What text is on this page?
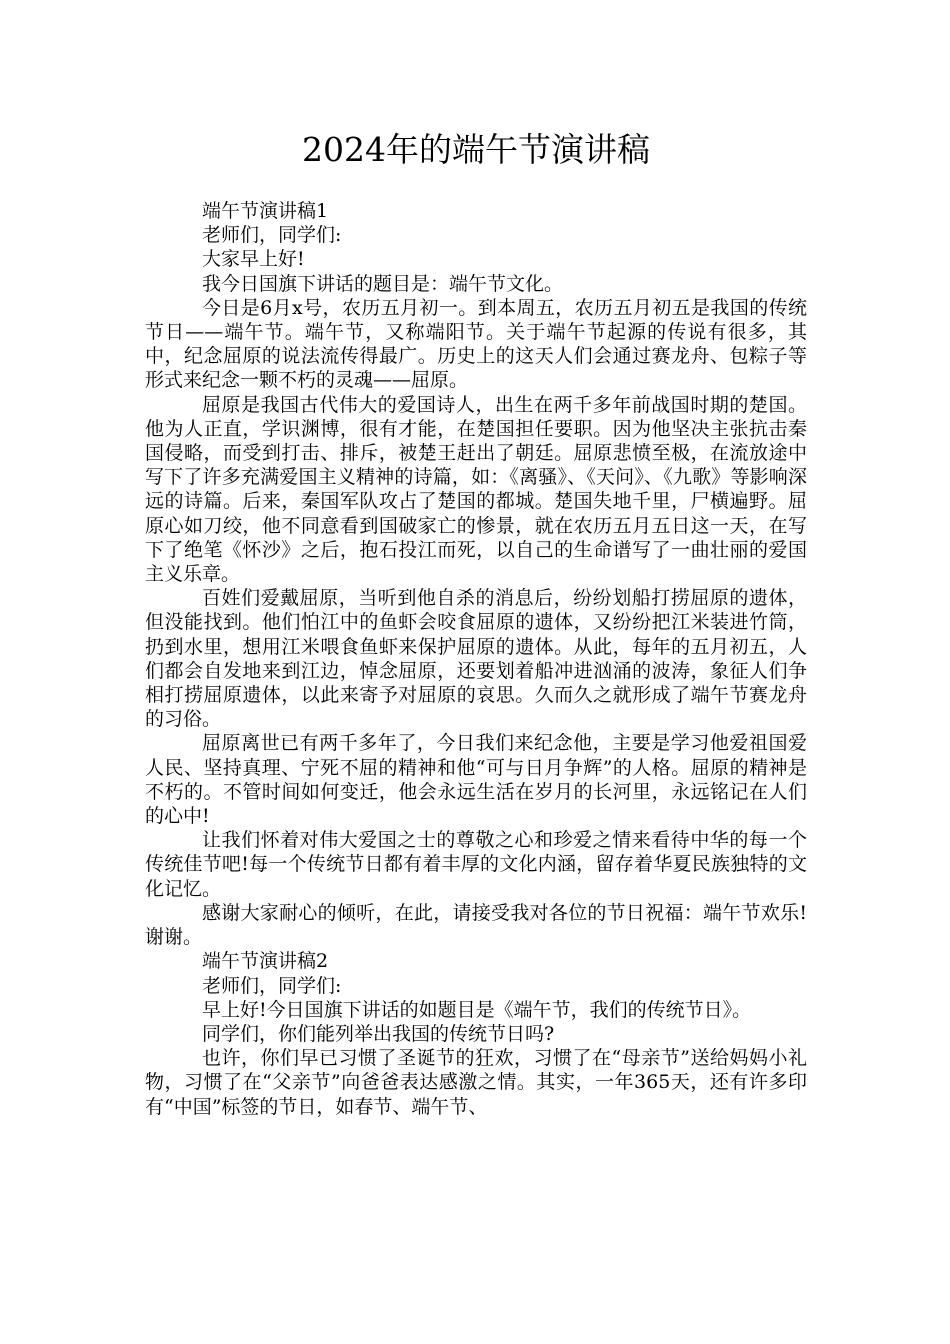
2024年的端午节演讲稿

端午节演讲稿1

老师们，同学们:

大家早上好!

我今日国旗下讲话的题目是：端午节文化。

今日是6月x号，农历五月初一。到本周五，农历五月初五是我国的传统节日——端午节。端午节，又称端阳节。关于端午节起源的传说有很多，其中，纪念屈原的说法流传得最广。历史上的这天人们会通过赛龙舟、包粽子等形式来纪念一颗不朽的灵魂——屈原。

屈原是我国古代伟大的爱国诗人，出生在两千多年前战国时期的楚国。他为人正直，学识渊博，很有才能，在楚国担任要职。因为他坚决主张抗击秦国侵略，而受到打击、排斥，被楚王赶出了朝廷。屈原悲愤至极，在流放途中写下了许多充满爱国主义精神的诗篇，如：《离骚》、《天问》、《九歌》等影响深远的诗篇。后来，秦国军队攻占了楚国的都城。楚国失地千里，尸横遍野。屈原心如刀绞，他不同意看到国破家亡的惨景，就在农历五月五日这一天，在写下了绝笔《怀沙》之后，抱石投江而死，以自己的生命谱写了一曲壮丽的爱国主义乐章。

百姓们爱戴屈原，当听到他自杀的消息后，纷纷划船打捞屈原的遗体，但没能找到。他们怕江中的鱼虾会咬食屈原的遗体，又纷纷把江米装进竹筒，扔到水里，想用江米喂食鱼虾来保护屈原的遗体。从此，每年的五月初五，人们都会自发地来到江边，悼念屈原，还要划着船冲进汹涌的波涛，象征人们争相打捞屈原遗体，以此来寄予对屈原的哀思。久而久之就形成了端午节赛龙舟的习俗。

屈原离世已有两千多年了，今日我们来纪念他，主要是学习他爱祖国爱人民、坚持真理、宁死不屈的精神和他“可与日月争辉”的人格。屈原的精神是不朽的。不管时间如何变迁，他会永远生活在岁月的长河里，永远铭记在人们的心中!

让我们怀着对伟大爱国之士的尊敬之心和珍爱之情来看待中华的每一个传统佳节吧!每一个传统节日都有着丰厚的文化内涵，留存着华夏民族独特的文化记忆。

感谢大家耐心的倾听，在此，请接受我对各位的节日祝福：端午节欢乐!谢谢。

端午节演讲稿2

老师们，同学们:

早上好!今日国旗下讲话的如题目是《端午节，我们的传统节日》。

同学们，你们能列举出我国的传统节日吗?

也许，你们早已习惯了圣诞节的狂欢，习惯了在“母亲节”送给妈妈小礼物，习惯了在“父亲节”向爸爸表达感激之情。其实，一年365天，还有许多印有“中国”标签的节日，如春节、端午节、
